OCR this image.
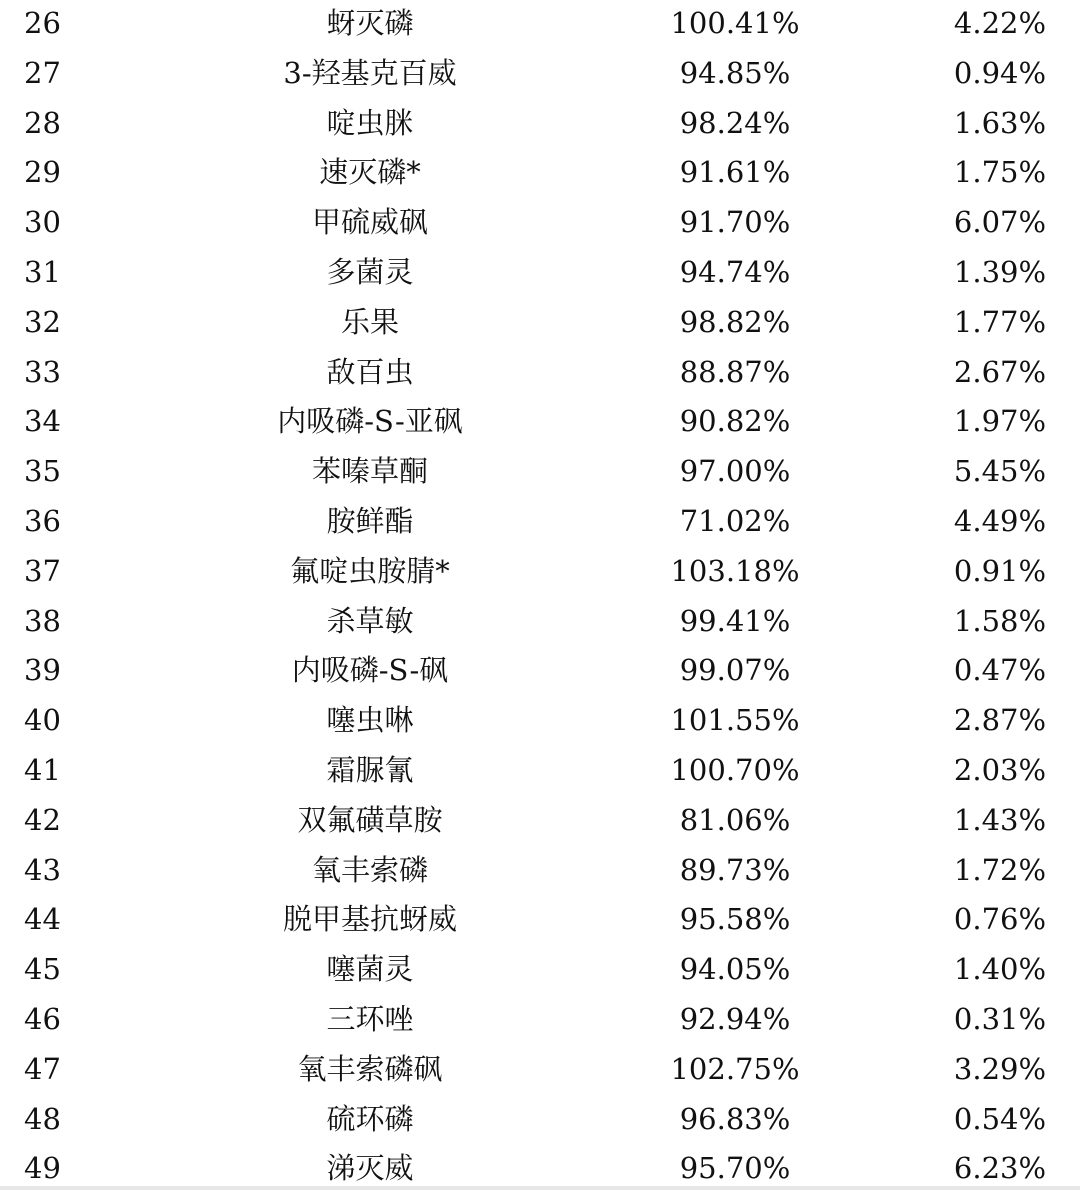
26	蚜灭磷	100.41%	4.22%
27	3-羟基克百威	94.85%	0.94%
28	啶虫脒	98.24%	1.63%
29	速灭磷*	91.61%	1.75%
30	甲硫威砜	91.70%	6.07%
31	多菌灵	94.74%	1.39%
32	乐果	98.82%	1.77%
33	敌百虫	88.87%	2.67%
34	内吸磷-S-亚砜	90.82%	1.97%
35	苯嗪草酮	97.00%	5.45%
36	胺鲜酯	71.02%	4.49%
37	氟啶虫胺腈*	103.18%	0.91%
38	杀草敏	99.41%	1.58%
39	内吸磷-S-砜	99.07%	0.47%
40	噻虫啉	101.55%	2.87%
41	霜脲氰	100.70%	2.03%
42	双氟磺草胺	81.06%	1.43%
43	氧丰索磷	89.73%	1.72%
44	脱甲基抗蚜威	95.58%	0.76%
45	噻菌灵	94.05%	1.40%
46	三环唑	92.94%	0.31%
47	氧丰索磷砜	102.75%	3.29%
48	硫环磷	96.83%	0.54%
49	涕灭威	95.70%	6.23%
